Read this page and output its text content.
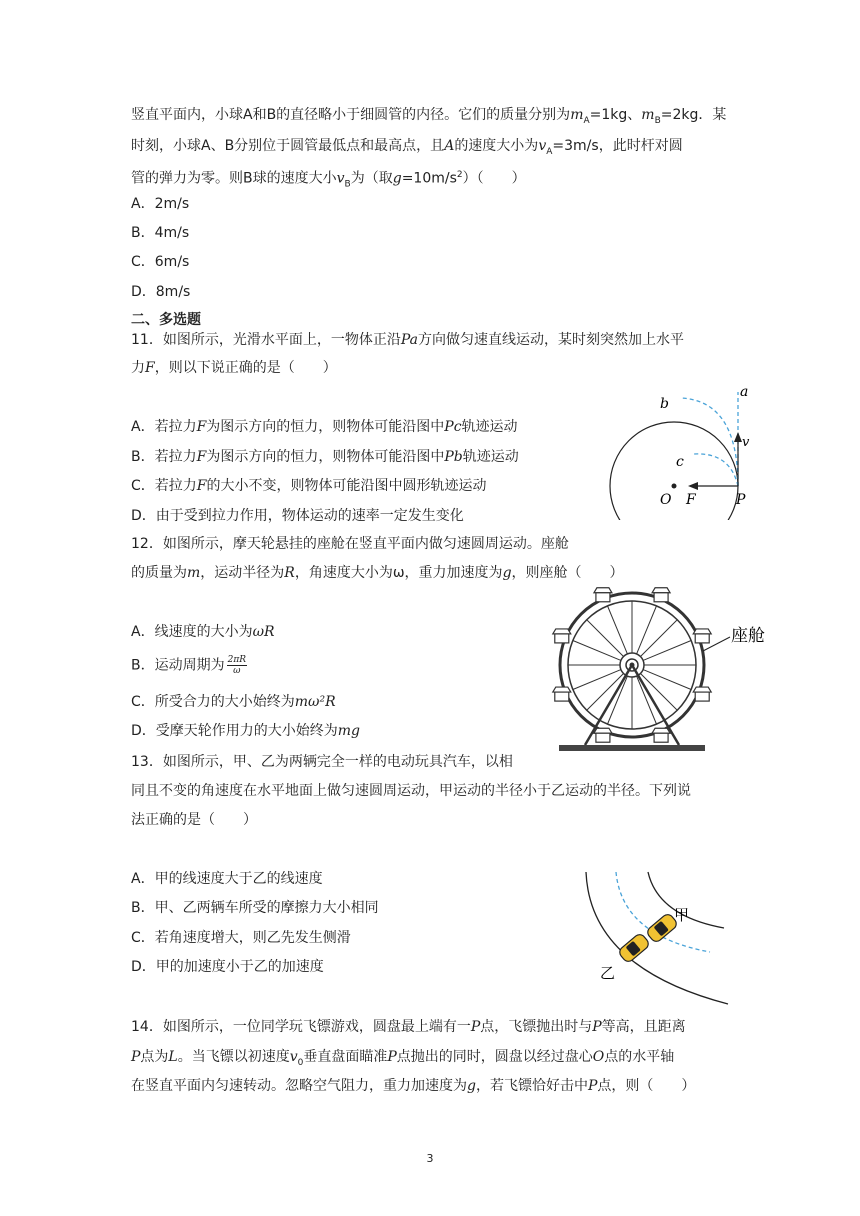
竖直平面内，小球A和B的直径略小于细圆管的内径。它们的质量分别为$m_A=1kg$、$m_B=2kg$．某
时刻，小球A、B分别位于圆管最低点和最高点，且A的速度大小为$v_A=3m/s$，此时杆对圆
管的弹力为零。则B球的速度大小$v_B$为（取$g=10m/s^2$）（　　）
A．2m/s
B．4m/s
C．6m/s
D．8m/s
二、多选题
11．如图所示，光滑水平面上，一物体正沿Pa方向做匀速直线运动，某时刻突然加上水平
力F，则以下说正确的是（　　）
A．若拉力F为图示方向的恒力，则物体可能沿图中Pc轨迹运动
B．若拉力F为图示方向的恒力，则物体可能沿图中Pb轨迹运动
C．若拉力F的大小不变，则物体可能沿图中圆形轨迹运动
D．由于受到拉力作用，物体运动的速率一定发生变化
a
b
c
v
O F	P
12．如图所示，摩天轮悬挂的座舱在竖直平面内做匀速圆周运动。座舱
的质量为m，运动半径为R，角速度大小为ω，重力加速度为g，则座舱（　　）
A．线速度的大小为ωR
B．运动周期为 $\frac{2\pi R}{\omega}$
C．所受合力的大小始终为mω²R
D．受摩天轮作用力的大小始终为mg
座舱
13．如图所示，甲、乙为两辆完全一样的电动玩具汽车，以相
同且不变的角速度在水平地面上做匀速圆周运动，甲运动的半径小于乙运动的半径。下列说
法正确的是（　　）
A．甲的线速度大于乙的线速度
B．甲、乙两辆车所受的摩擦力大小相同
C．若角速度增大，则乙先发生侧滑
D．甲的加速度小于乙的加速度
甲
乙
14．如图所示，一位同学玩飞镖游戏，圆盘最上端有一P点，飞镖抛出时与P等高，且距离
P点为L。当飞镖以初速度$v_0$垂直盘面瞄准P点抛出的同时，圆盘以经过盘心O点的水平轴
在竖直平面内匀速转动。忽略空气阻力，重力加速度为g，若飞镖恰好击中P点，则（　　）
3
